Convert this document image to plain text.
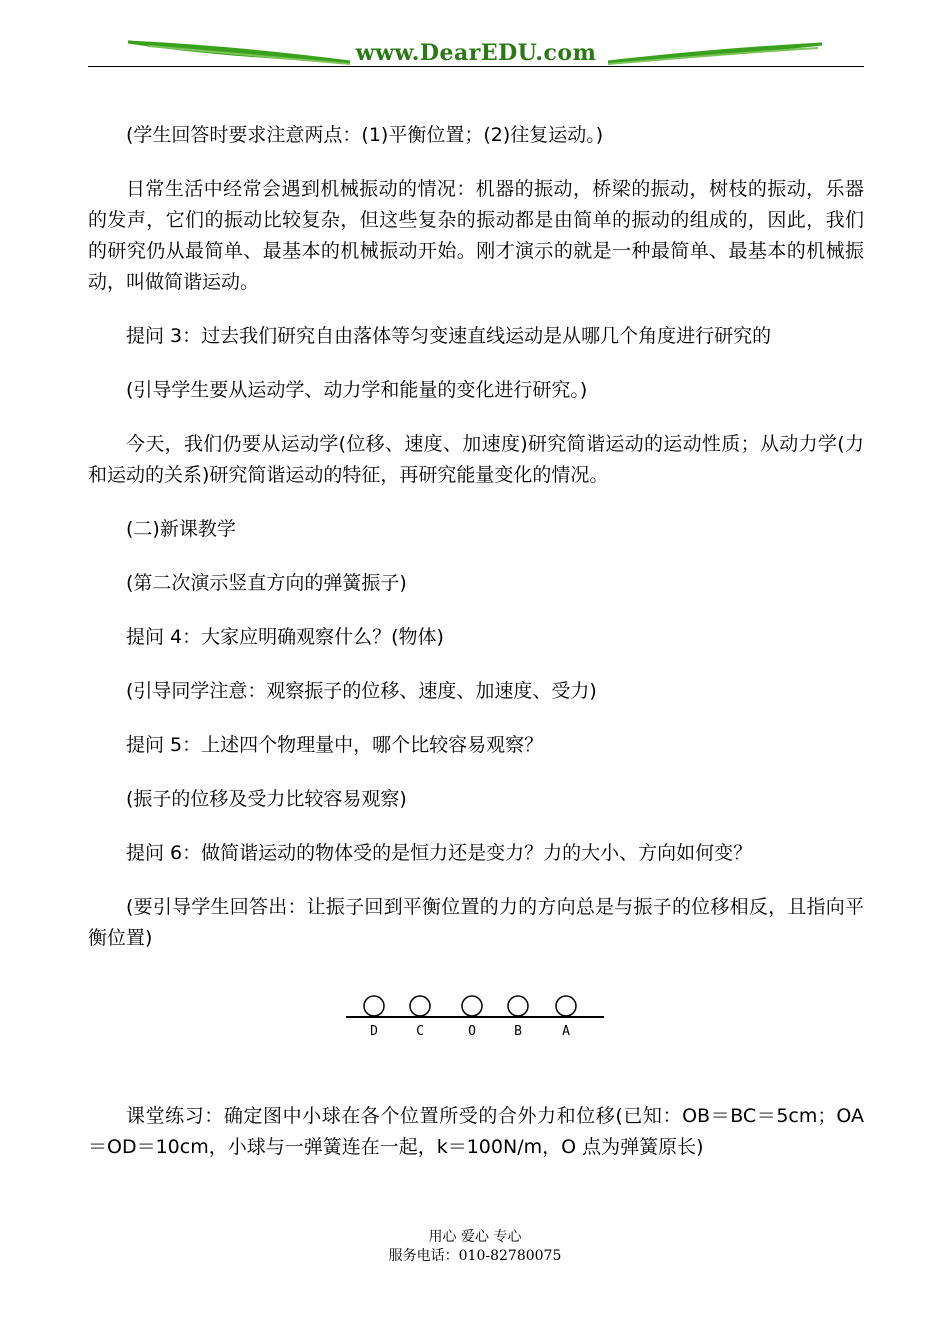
www.DearEDU.com

(学生回答时要求注意两点：(1)平衡位置；(2)往复运动。)

日常生活中经常会遇到机械振动的情况：机器的振动，桥梁的振动，树枝的振动，乐器的发声，它们的振动比较复杂，但这些复杂的振动都是由简单的振动的组成的，因此，我们的研究仍从最简单、最基本的机械振动开始。刚才演示的就是一种最简单、最基本的机械振动，叫做简谐运动。

提问 3：过去我们研究自由落体等匀变速直线运动是从哪几个角度进行研究的

(引导学生要从运动学、动力学和能量的变化进行研究。)

今天，我们仍要从运动学(位移、速度、加速度)研究简谐运动的运动性质；从动力学(力和运动的关系)研究简谐运动的特征，再研究能量变化的情况。

(二)新课教学

(第二次演示竖直方向的弹簧振子)

提问 4：大家应明确观察什么？(物体)

(引导同学注意：观察振子的位移、速度、加速度、受力)

提问 5：上述四个物理量中，哪个比较容易观察？

(振子的位移及受力比较容易观察)

提问 6：做简谐运动的物体受的是恒力还是变力？力的大小、方向如何变？

(要引导学生回答出：让振子回到平衡位置的力的方向总是与振子的位移相反，且指向平衡位置)

D	C	O	B	A

课堂练习：确定图中小球在各个位置所受的合外力和位移(已知：OB＝BC＝5cm；OA＝OD＝10cm，小球与一弹簧连在一起，k＝100N/m，O 点为弹簧原长)

用心 爱心 专心
服务电话：010-82780075
